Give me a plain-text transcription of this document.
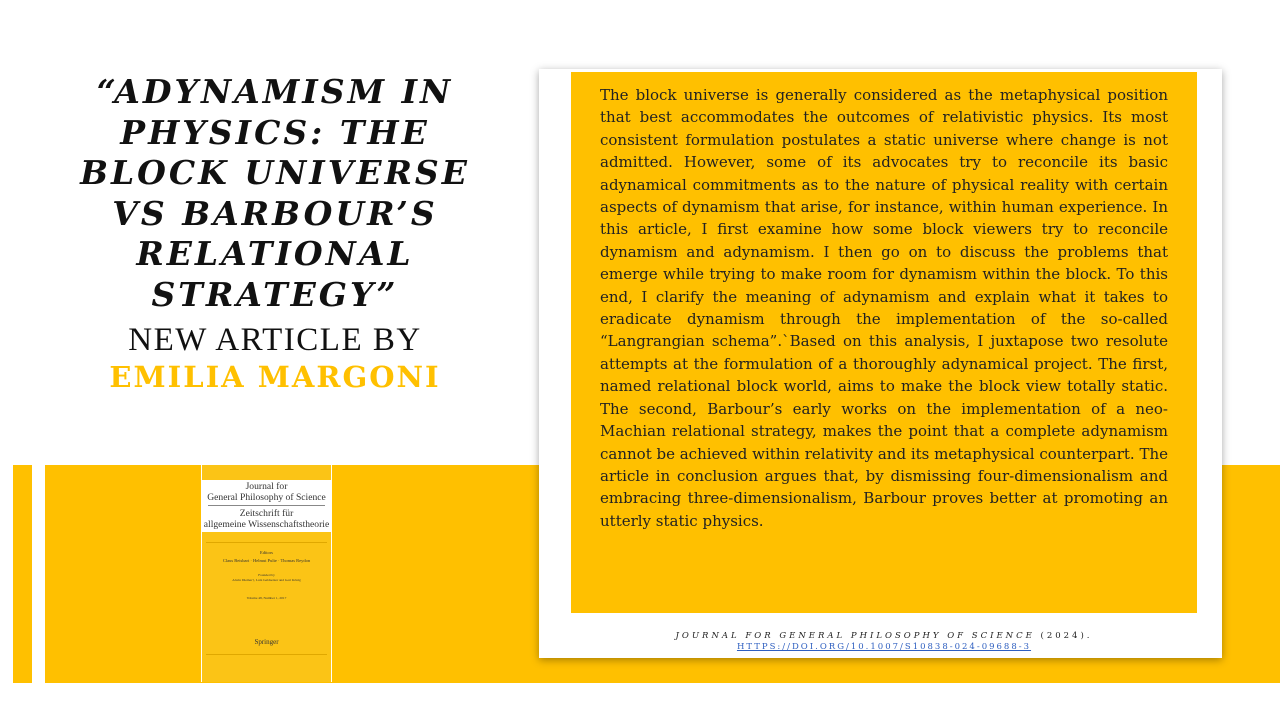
“ADYNAMISM IN PHYSICS: THE BLOCK UNIVERSE VS BARBOUR’S RELATIONAL STRATEGY”
NEW ARTICLE BY
EMILIA MARGONI
Journal for
General Philosophy of Science
Zeitschrift für
allgemeine Wissenschaftstheorie
Editors
Claus Beisbart · Helmut Pulte · Thomas Reydon
Founded by
Alwin Diemer†, Lutz Geldsetzer and Gert König
Volume 48, Number 1, 2017
Springer

The block universe is generally considered as the metaphysical position that best accommodates the outcomes of relativistic physics. Its most consistent formulation postulates a static universe where change is not admitted. However, some of its advocates try to reconcile its basic adynamical commitments as to the nature of physical reality with certain aspects of dynamism that arise, for instance, within human experience. In this article, I first examine how some block viewers try to reconcile dynamism and adynamism. I then go on to discuss the problems that emerge while trying to make room for dynamism within the block. To this end, I clarify the meaning of adynamism and explain what it takes to eradicate dynamism through the implementation of the so-called “Langrangian schema”.`Based on this analysis, I juxtapose two resolute attempts at the formulation of a thoroughly adynamical project. The first, named relational block world, aims to make the block view totally static. The second, Barbour’s early works on the implementation of a neo-Machian relational strategy, makes the point that a complete adynamism cannot be achieved within relativity and its metaphysical counterpart. The article in conclusion argues that, by dismissing four-dimensionalism and embracing three-dimensionalism, Barbour proves better at promoting an utterly static physics.

JOURNAL FOR GENERAL PHILOSOPHY OF SCIENCE (2024).
HTTPS://DOI.ORG/10.1007/S10838-024-09688-3
